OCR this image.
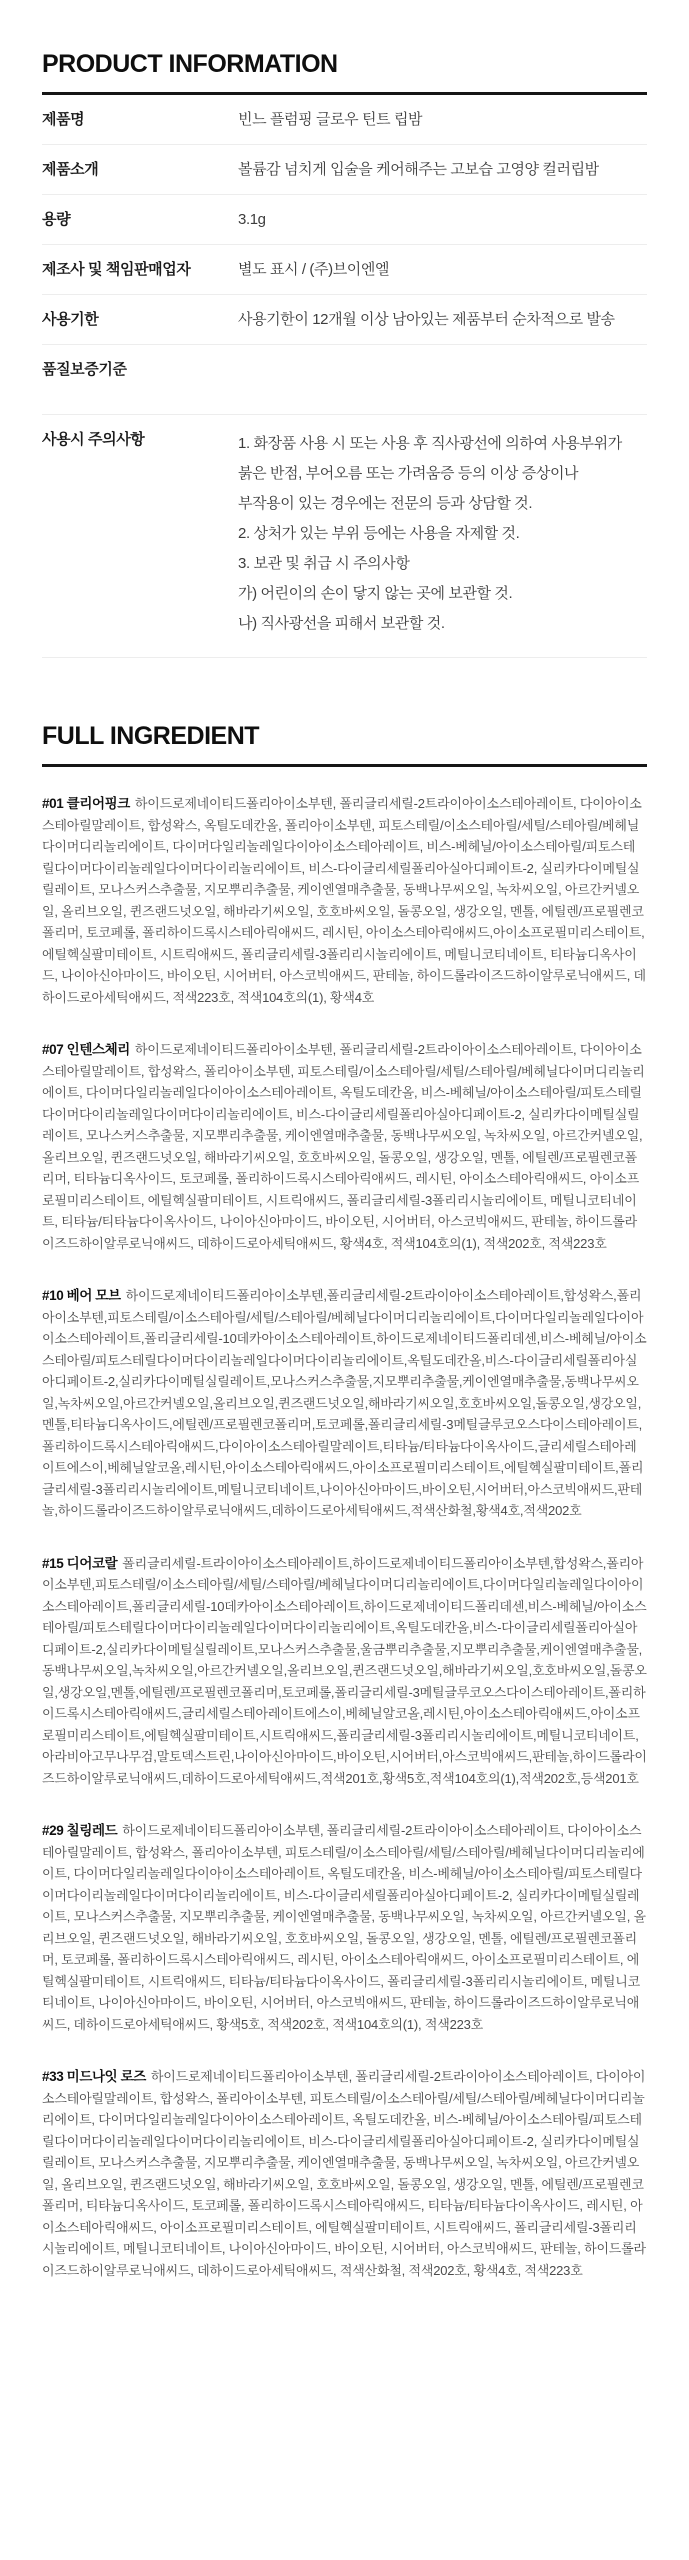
PRODUCT INFORMATION
제품명	빈느 플럼핑 글로우 틴트 립밤
제품소개	볼륨감 넘치게 입술을 케어해주는 고보습 고영양 컬러립밤
용량	3.1g
제조사 및 책임판매업자	별도 표시 / (주)브이엔엘
사용기한	사용기한이 12개월 이상 남아있는 제품부터 순차적으로 발송
품질보증기준
사용시 주의사항	1. 화장품 사용 시 또는 사용 후 직사광선에 의하여 사용부위가
붉은 반점, 부어오름 또는 가려움증 등의 이상 증상이나
부작용이 있는 경우에는 전문의 등과 상담할 것.
2. 상처가 있는 부위 등에는 사용을 자제할 것.
3. 보관 및 취급 시 주의사항
가) 어린이의 손이 닿지 않는 곳에 보관할 것.
나) 직사광선을 피해서 보관할 것.
FULL INGREDIENT

#01 클리어핑크 하이드로제네이티드폴리아이소부텐, 폴리글리세릴-2트라이아이소스테아레이트, 다이아이소스테아릴말레이트, 합성왁스, 옥틸도데칸올, 폴리아이소부텐, 피토스테릴/이소스테아릴/세틸/스테아릴/베헤닐다이머디리놀리에이트, 다이머다일리놀레일다이아이소스테아레이트, 비스-베헤닐/아이소스테아릴/피토스테릴다이머다이리놀레일다이머다이리놀리에이트, 비스-다이글리세릴폴리아실아디페이트-2, 실리카다이메틸실릴레이트, 모나스커스추출물, 지모뿌리추출물, 케이엔열매추출물, 동백나무씨오일, 녹차씨오일, 아르간커넬오일, 올리브오일, 퀸즈랜드넛오일, 해바라기씨오일, 호호바씨오일, 돌콩오일, 생강오일, 멘톨, 에틸렌/프로필렌코폴리머, 토코페롤, 폴리하이드록시스테아릭애씨드, 레시틴, 아이소스테아릭애씨드,아이소프로필미리스테이트, 에틸헥실팔미테이트, 시트릭애씨드, 폴리글리세릴-3폴리리시놀리에이트, 메틸니코티네이트, 티타늄디옥사이드, 나이아신아마이드, 바이오틴, 시어버터, 아스코빅애씨드, 판테놀, 하이드롤라이즈드하이알루로닉애씨드, 데하이드로아세틱애씨드, 적색223호, 적색104호의(1), 황색4호

#07 인텐스체리 하이드로제네이티드폴리아이소부텐, 폴리글리세릴-2트라이아이소스테아레이트, 다이아이소스테아릴말레이트, 합성왁스, 폴리아이소부텐, 피토스테릴/이소스테아릴/세틸/스테아릴/베헤닐다이머디리놀리에이트, 다이머다일리놀레일다이아이소스테아레이트, 옥틸도데칸올, 비스-베헤닐/아이소스테아릴/피토스테릴다이머다이리놀레일다이머다이리놀리에이트, 비스-다이글리세릴폴리아실아디페이트-2, 실리카다이메틸실릴레이트, 모나스커스추출물, 지모뿌리추출물, 케이엔열매추출물, 동백나무씨오일, 녹차씨오일, 아르간커넬오일, 올리브오일, 퀸즈랜드넛오일, 해바라기씨오일, 호호바씨오일, 돌콩오일, 생강오일, 멘톨, 에틸렌/프로필렌코폴리머, 티타늄디옥사이드, 토코페롤, 폴리하이드록시스테아릭애씨드, 레시틴, 아이소스테아릭애씨드, 아이소프로필미리스테이트, 에틸헥실팔미테이트, 시트릭애씨드, 폴리글리세릴-3폴리리시놀리에이트, 메틸니코티네이트, 티타늄/티타늄다이옥사이드, 나이아신아마이드, 바이오틴, 시어버터, 아스코빅애씨드, 판테놀, 하이드롤라이즈드하이알루로닉애씨드, 데하이드로아세틱애씨드, 황색4호, 적색104호의(1), 적색202호, 적색223호

#10 베어 모브 하이드로제네이티드폴리아이소부텐,폴리글리세릴-2트라이아이소스테아레이트,합성왁스,폴리아이소부텐,피토스테릴/이소스테아릴/세틸/스테아릴/베헤닐다이머디리놀리에이트,다이머다일리놀레일다이아이소스테아레이트,폴리글리세릴-10데카아이소스테아레이트,하이드로제네이티드폴리데센,비스-베헤닐/아이소스테아릴/피토스테릴다이머다이리놀레일다이머다이리놀리에이트,옥틸도데칸올,비스-다이글리세릴폴리아실아디페이트-2,실리카다이메틸실릴레이트,모나스커스추출물,지모뿌리추출물,케이엔열매추출물,동백나무씨오일,녹차씨오일,아르간커넬오일,올리브오일,퀸즈랜드넛오일,해바라기씨오일,호호바씨오일,돌콩오일,생강오일,멘톨,티타늄디옥사이드,에틸렌/프로필렌코폴리머,토코페롤,폴리글리세릴-3메틸글루코오스다이스테아레이트,폴리하이드록시스테아릭애씨드,다이아이소스테아릴말레이트,티타늄/티타늄다이옥사이드,글리세릴스테아레이트에스이,베헤닐알코올,레시틴,아이소스테아릭애씨드,아이소프로필미리스테이트,에틸헥실팔미테이트,폴리글리세릴-3폴리리시놀리에이트,메틸니코티네이트,나이아신아마이드,바이오틴,시어버터,아스코빅애씨드,판테놀,하이드롤라이즈드하이알루로닉애씨드,데하이드로아세틱애씨드,적색산화철,황색4호,적색202호

#15 디어코랄 폴리글리세릴-트라이아이소스테아레이트,하이드로제네이티드폴리아이소부텐,합성왁스,폴리아이소부텐,피토스테릴/이소스테아릴/세틸/스테아릴/베헤닐다이머디리놀리에이트,다이머다일리놀레일다이아이소스테아레이트,폴리글리세릴-10데카아이소스테아레이트,하이드로제네이티드폴리데센,비스-베헤닐/아이소스테아릴/피토스테릴다이머다이리놀레일다이머다이리놀리에이트,옥틸도데칸올,비스-다이글리세릴폴리아실아디페이트-2,실리카다이메틸실릴레이트,모나스커스추출물,울금뿌리추출물,지모뿌리추출물,케이엔열매추출물,동백나무씨오일,녹차씨오일,아르간커넬오일,올리브오일,퀸즈랜드넛오일,해바라기씨오일,호호바씨오일,돌콩오일,생강오일,멘톨,에틸렌/프로필렌코폴리머,토코페롤,폴리글리세릴-3메틸글루코오스다이스테아레이트,폴리하이드록시스테아릭애씨드,글리세릴스테아레이트에스이,베헤닐알코올,레시틴,아이소스테아릭애씨드,아이소프로필미리스테이트,에틸헥실팔미테이트,시트릭애씨드,폴리글리세릴-3폴리리시놀리에이트,메틸니코티네이트,아라비아고무나무검,말토덱스트린,나이아신아마이드,바이오틴,시어버터,아스코빅애씨드,판테놀,하이드롤라이즈드하이알루로닉애씨드,데하이드로아세틱애씨드,적색201호,황색5호,적색104호의(1),적색202호,등색201호

#29 칠링레드 하이드로제네이티드폴리아이소부텐, 폴리글리세릴-2트라이아이소스테아레이트, 다이아이소스테아릴말레이트, 합성왁스, 폴리아이소부텐, 피토스테릴/이소스테아릴/세틸/스테아릴/베헤닐다이머디리놀리에이트, 다이머다일리놀레일다이아이소스테아레이트, 옥틸도데칸올, 비스-베헤닐/아이소스테아릴/피토스테릴다이머다이리놀레일다이머다이리놀리에이트, 비스-다이글리세릴폴리아실아디페이트-2, 실리카다이메틸실릴레이트, 모나스커스추출물, 지모뿌리추출물, 케이엔열매추출물, 동백나무씨오일, 녹차씨오일, 아르간커넬오일, 올리브오일, 퀸즈랜드넛오일, 해바라기씨오일, 호호바씨오일, 돌콩오일, 생강오일, 멘톨, 에틸렌/프로필렌코폴리머, 토코페롤, 폴리하이드록시스테아릭애씨드, 레시틴, 아이소스테아릭애씨드, 아이소프로필미리스테이트, 에틸헥실팔미테이트, 시트릭애씨드, 티타늄/티타늄다이옥사이드, 폴리글리세릴-3폴리리시놀리에이트, 메틸니코티네이트, 나이아신아마이드, 바이오틴, 시어버터, 아스코빅애씨드, 판테놀, 하이드롤라이즈드하이알루로닉애씨드, 데하이드로아세틱애씨드, 황색5호, 적색202호, 적색104호의(1), 적색223호

#33 미드나잇 로즈 하이드로제네이티드폴리아이소부텐, 폴리글리세릴-2트라이아이소스테아레이트, 다이아이소스테아릴말레이트, 합성왁스, 폴리아이소부텐, 피토스테릴/이소스테아릴/세틸/스테아릴/베헤닐다이머디리놀리에이트, 다이머다일리놀레일다이아이소스테아레이트, 옥틸도데칸올, 비스-베헤닐/아이소스테아릴/피토스테릴다이머다이리놀레일다이머다이리놀리에이트, 비스-다이글리세릴폴리아실아디페이트-2, 실리카다이메틸실릴레이트, 모나스커스추출물, 지모뿌리추출물, 케이엔열매추출물, 동백나무씨오일, 녹차씨오일, 아르간커넬오일, 올리브오일, 퀸즈랜드넛오일, 해바라기씨오일, 호호바씨오일, 돌콩오일, 생강오일, 멘톨, 에틸렌/프로필렌코폴리머, 티타늄디옥사이드, 토코페롤, 폴리하이드록시스테아릭애씨드, 티타늄/티타늄다이옥사이드, 레시틴, 아이소스테아릭애씨드, 아이소프로필미리스테이트, 에틸헥실팔미테이트, 시트릭애씨드, 폴리글리세릴-3폴리리시놀리에이트, 메틸니코티네이트, 나이아신아마이드, 바이오틴, 시어버터, 아스코빅애씨드, 판테놀, 하이드롤라이즈드하이알루로닉애씨드, 데하이드로아세틱애씨드, 적색산화철, 적색202호, 황색4호, 적색223호
